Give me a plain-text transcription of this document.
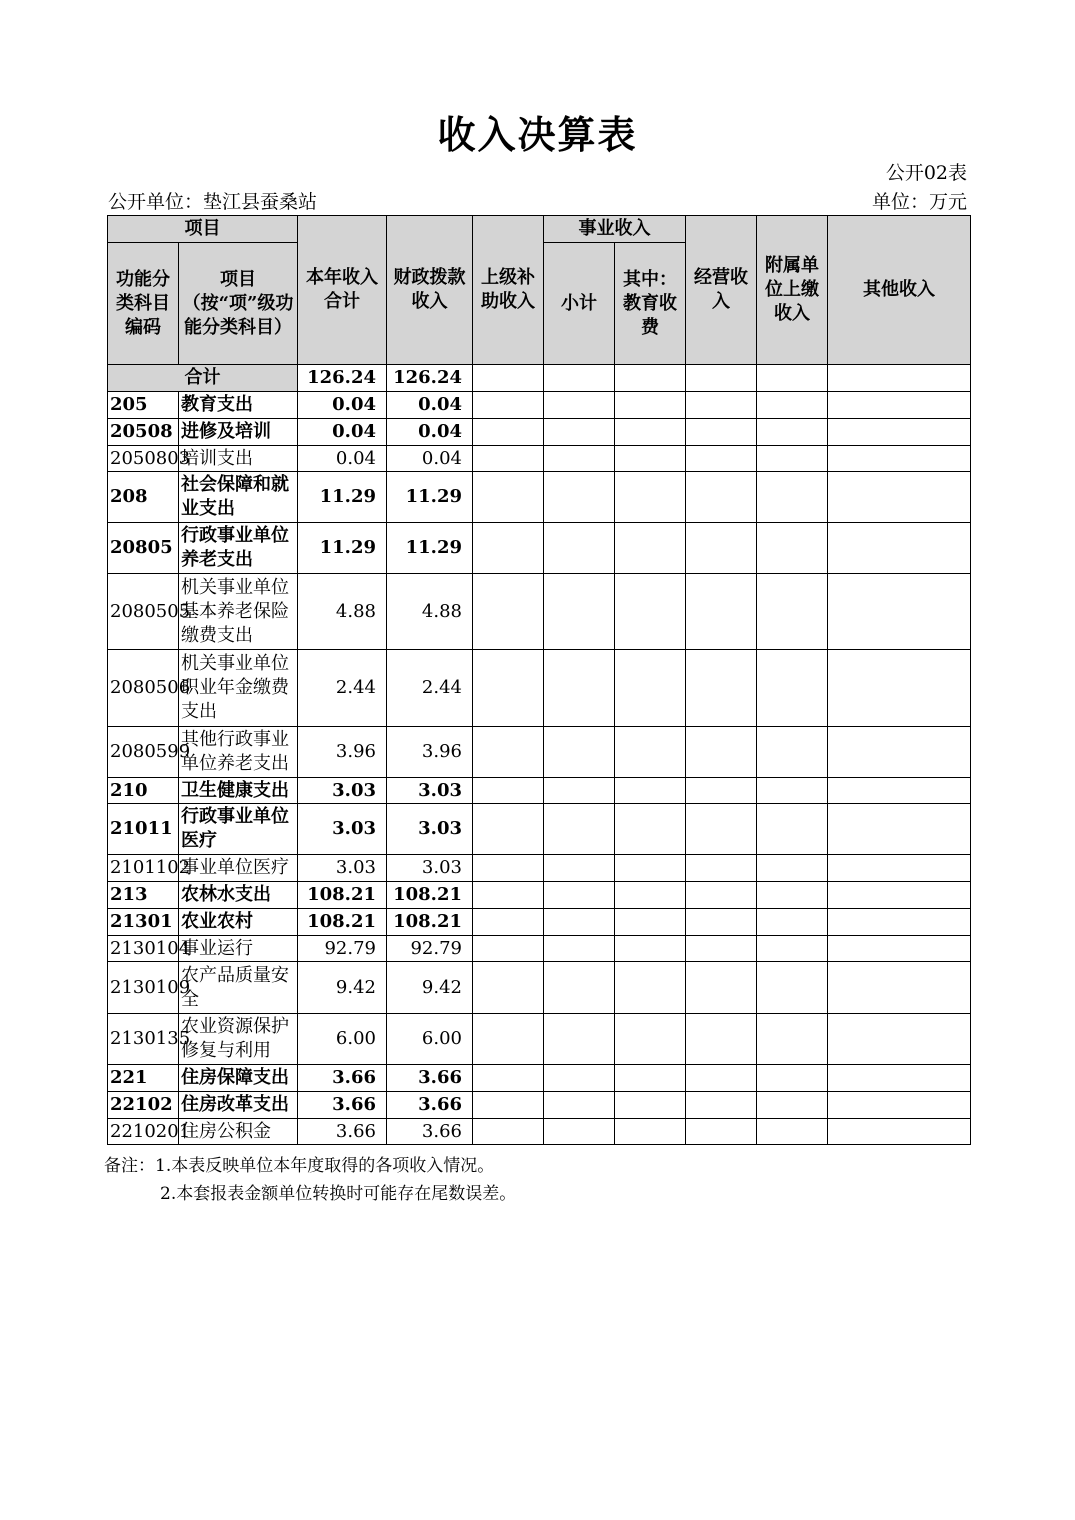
收入决算表
公开02表
公开单位：垫江县蚕桑站	单位：万元
项目		本年收入合计	财政拨款收入	上级补助收入	事业收入		经营收入	附属单位上缴收入	其他收入
功能分类科目编码	项目（按“项”级功能分类科目）				小计	其中：教育收费			
合计		126.24	126.24						
205	教育支出	0.04	0.04						
20508	进修及培训	0.04	0.04						
2050803	培训支出	0.04	0.04						
208	社会保障和就业支出	11.29	11.29						
20805	行政事业单位养老支出	11.29	11.29						
2080505	机关事业单位基本养老保险缴费支出	4.88	4.88						
2080506	机关事业单位职业年金缴费支出	2.44	2.44						
2080599	其他行政事业单位养老支出	3.96	3.96						
210	卫生健康支出	3.03	3.03						
21011	行政事业单位医疗	3.03	3.03						
2101102	事业单位医疗	3.03	3.03						
213	农林水支出	108.21	108.21						
21301	农业农村	108.21	108.21						
2130104	事业运行	92.79	92.79						
2130109	农产品质量安全	9.42	9.42						
2130135	农业资源保护修复与利用	6.00	6.00						
221	住房保障支出	3.66	3.66						
22102	住房改革支出	3.66	3.66						
2210201	住房公积金	3.66	3.66						
备注：1.本表反映单位本年度取得的各项收入情况。
2.本套报表金额单位转换时可能存在尾数误差。
